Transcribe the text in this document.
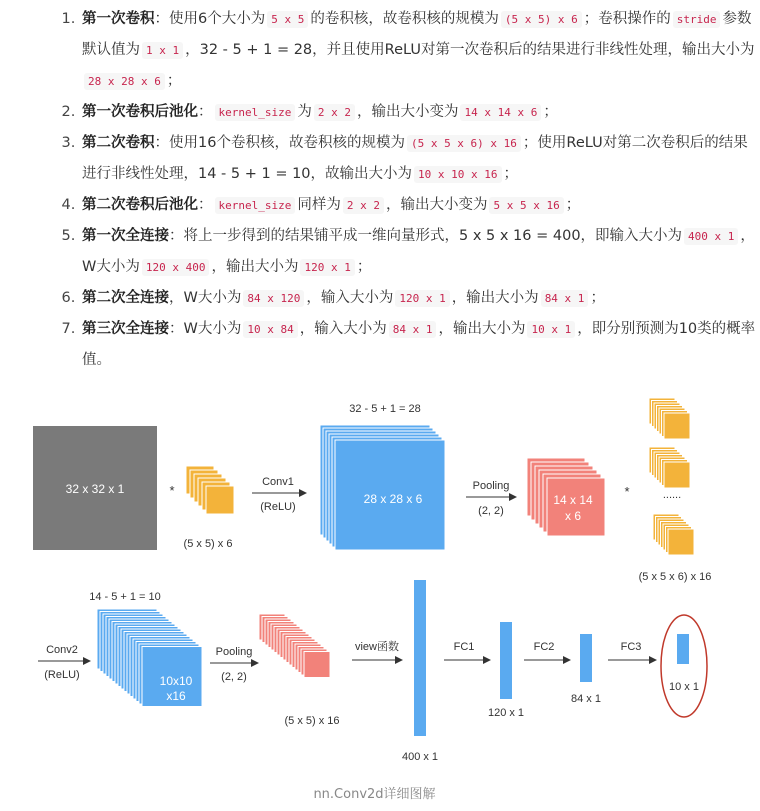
1. 第一次卷积：使用6个大小为 5 x 5 的卷积核，故卷积核的规模为 (5 x 5) x 6 ；卷积操作的 stride 参数默认值为 1 x 1 ，32 - 5 + 1 = 28，并且使用ReLU对第一次卷积后的结果进行非线性处理，输出大小为28 x 28 x 6 ；
2. 第一次卷积后池化： kernel_size 为 2 x 2 ，输出大小变为 14 x 14 x 6 ；
3. 第二次卷积：使用16个卷积核，故卷积核的规模为 (5 x 5 x 6) x 16 ；使用ReLU对第二次卷积后的结果进行非线性处理，14 - 5 + 1 = 10，故输出大小为 10 x 10 x 16 ；
4. 第二次卷积后池化： kernel_size 同样为 2 x 2 ，输出大小变为 5 x 5 x 16 ；
5. 第一次全连接：将上一步得到的结果铺平成一维向量形式，5 x 5 x 16 = 400，即输入大小为 400 x 1 ，W大小为 120 x 400 ，输出大小为 120 x 1 ；
6. 第二次全连接，W大小为 84 x 120 ，输入大小为 120 x 1 ，输出大小为 84 x 1 ；
7. 第三次全连接：W大小为 10 x 84 ，输入大小为 84 x 1 ，输出大小为 10 x 1 ，即分别预测为10类的概率值。
32 x 32 x 1	*
(5 x 5) x 6
Conv1
(ReLU)
32 - 5 + 1 = 28
28 x 28 x 6
Pooling
(2, 2)
14 x 14
x 6
*	......
(5 x 5 x 6) x 16
14 - 5 + 1 = 10
Conv2
(ReLU)	10x10
x16
Pooling
(2, 2)
(5 x 5) x 16
view函数
400 x 1
FC1
120 x 1
FC2
84 x 1
FC3
10 x 1
nn.Conv2d详细图解
